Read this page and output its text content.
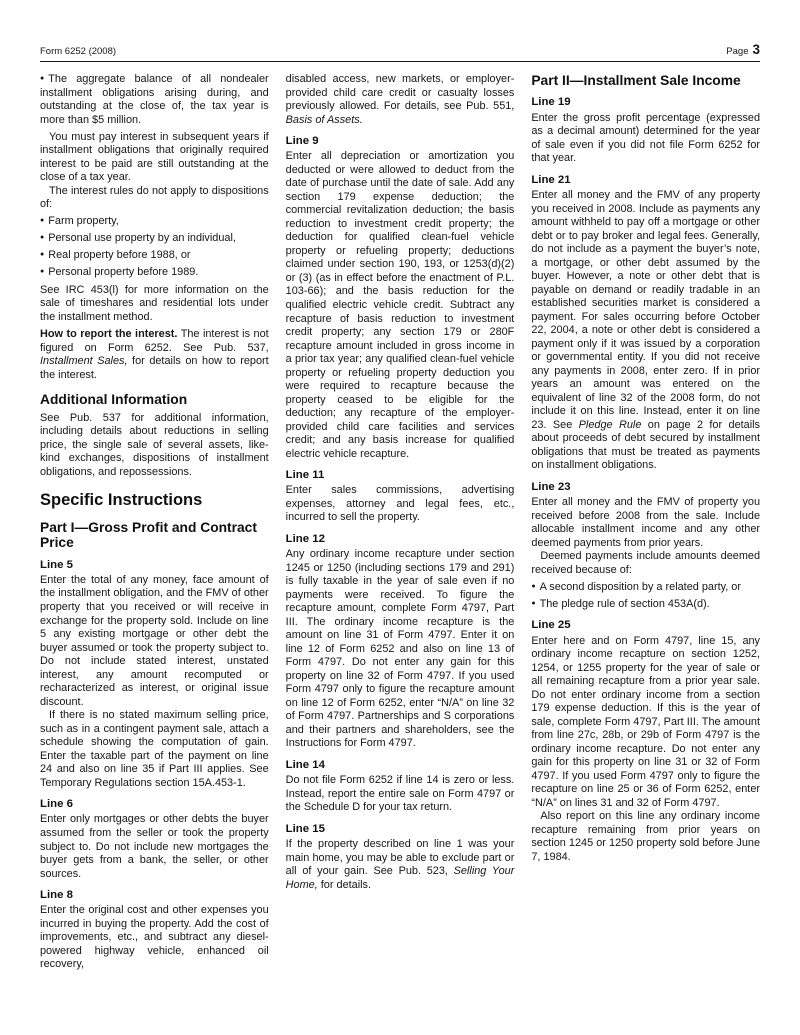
Form 6252 (2008)	Page 3

● The aggregate balance of all nondealer installment obligations arising during, and outstanding at the close of, the tax year is more than $5 million.

You must pay interest in subsequent years if installment obligations that originally required interest to be paid are still outstanding at the close of a tax year.

The interest rules do not apply to dispositions of:

● Farm property,

● Personal use property by an individual,

● Real property before 1988, or

● Personal property before 1989.

See IRC 453(l) for more information on the sale of timeshares and residential lots under the installment method.

How to report the interest. The interest is not figured on Form 6252. See Pub. 537, Installment Sales, for details on how to report the interest.

Additional Information

See Pub. 537 for additional information, including details about reductions in selling price, the single sale of several assets, like-kind exchanges, dispositions of installment obligations, and repossessions.

Specific Instructions
Part I—Gross Profit and Contract Price
Line 5

Enter the total of any money, face amount of the installment obligation, and the FMV of other property that you received or will receive in exchange for the property sold. Include on line 5 any existing mortgage or other debt the buyer assumed or took the property subject to. Do not include stated interest, unstated interest, any amount recomputed or recharacterized as interest, or original issue discount.

If there is no stated maximum selling price, such as in a contingent payment sale, attach a schedule showing the computation of gain. Enter the taxable part of the payment on line 24 and also on line 35 if Part III applies. See Temporary Regulations section 15A.453-1.

Line 6

Enter only mortgages or other debts the buyer assumed from the seller or took the property subject to. Do not include new mortgages the buyer gets from a bank, the seller, or other sources.

Line 8

Enter the original cost and other expenses you incurred in buying the property. Add the cost of improvements, etc., and subtract any diesel-powered highway vehicle, enhanced oil recovery,

disabled access, new markets, or employer-provided child care credit or casualty losses previously allowed. For details, see Pub. 551, Basis of Assets.

Line 9

Enter all depreciation or amortization you deducted or were allowed to deduct from the date of purchase until the date of sale. Add any section 179 expense deduction; the commercial revitalization deduction; the basis reduction to investment credit property; the deduction for qualified clean-fuel vehicle property or refueling property; deductions claimed under section 190, 193, or 1253(d)(2) or (3) (as in effect before the enactment of P.L. 103-66); and the basis reduction for the qualified electric vehicle credit. Subtract any recapture of basis reduction to investment credit property; any section 179 or 280F recapture amount included in gross income in a prior tax year; any qualified clean-fuel vehicle property or refueling property deduction you were required to recapture because the property ceased to be eligible for the deduction; any recapture of the employer-provided child care facilities and services credit; and any basis increase for qualified electric vehicle recapture.

Line 11

Enter sales commissions, advertising expenses, attorney and legal fees, etc., incurred to sell the property.

Line 12

Any ordinary income recapture under section 1245 or 1250 (including sections 179 and 291) is fully taxable in the year of sale even if no payments were received. To figure the recapture amount, complete Form 4797, Part III. The ordinary income recapture is the amount on line 31 of Form 4797. Enter it on line 12 of Form 6252 and also on line 13 of Form 4797. Do not enter any gain for this property on line 32 of Form 4797. If you used Form 4797 only to figure the recapture amount on line 12 of Form 6252, enter “N/A” on line 32 of Form 4797. Partnerships and S corporations and their partners and shareholders, see the Instructions for Form 4797.

Line 14

Do not file Form 6252 if line 14 is zero or less. Instead, report the entire sale on Form 4797 or the Schedule D for your tax return.

Line 15

If the property described on line 1 was your main home, you may be able to exclude part or all of your gain. See Pub. 523, Selling Your Home, for details.

Part II—Installment Sale Income
Line 19

Enter the gross profit percentage (expressed as a decimal amount) determined for the year of sale even if you did not file Form 6252 for that year.

Line 21

Enter all money and the FMV of any property you received in 2008. Include as payments any amount withheld to pay off a mortgage or other debt or to pay broker and legal fees. Generally, do not include as a payment the buyer’s note, a mortgage, or other debt assumed by the buyer. However, a note or other debt that is payable on demand or readily tradable in an established securities market is considered a payment. For sales occurring before October 22, 2004, a note or other debt is considered a payment only if it was issued by a corporation or governmental entity. If you did not receive any payments in 2008, enter zero. If in prior years an amount was entered on the equivalent of line 32 of the 2008 form, do not include it on this line. Instead, enter it on line 23. See Pledge Rule on page 2 for details about proceeds of debt secured by installment obligations that must be treated as payments on installment obligations.

Line 23

Enter all money and the FMV of property you received before 2008 from the sale. Include allocable installment income and any other deemed payments from prior years.

Deemed payments include amounts deemed received because of:

● A second disposition by a related party, or

● The pledge rule of section 453A(d).

Line 25

Enter here and on Form 4797, line 15, any ordinary income recapture on section 1252, 1254, or 1255 property for the year of sale or all remaining recapture from a prior year sale. Do not enter ordinary income from a section 179 expense deduction. If this is the year of sale, complete Form 4797, Part III. The amount from line 27c, 28b, or 29b of Form 4797 is the ordinary income recapture. Do not enter any gain for this property on line 31 or 32 of Form 4797. If you used Form 4797 only to figure the recapture on line 25 or 36 of Form 6252, enter “N/A” on lines 31 and 32 of Form 4797.

Also report on this line any ordinary income recapture remaining from prior years on section 1245 or 1250 property sold before June 7, 1984.
